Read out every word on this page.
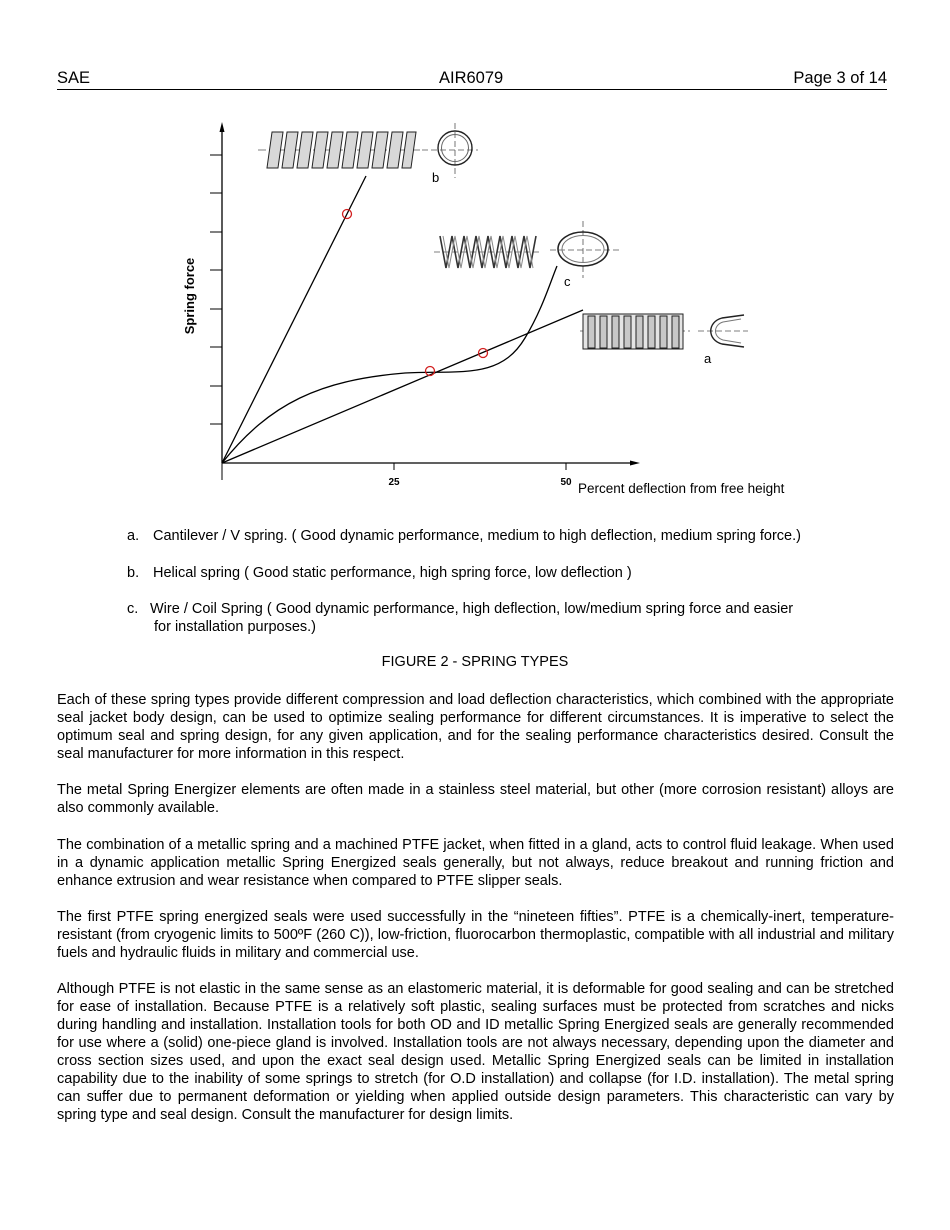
SAE	AIR6079	Page 3 of 14
25	50
Spring force
Percent deflection from free height
b
c
a
a. Cantilever / V spring. ( Good dynamic performance, medium to high deflection, medium spring force.)
b. Helical spring ( Good static performance, high spring force, low deflection )
c. Wire / Coil Spring ( Good dynamic performance, high deflection, low/medium spring force and easier
for installation purposes.)
FIGURE 2 - SPRING TYPES

Each of these spring types provide different compression and load deflection characteristics, which combined with the appropriate seal jacket body design, can be used to optimize sealing performance for different circumstances. It is imperative to select the optimum seal and spring design, for any given application, and for the sealing performance characteristics desired. Consult the seal manufacturer for more information in this respect.

The metal Spring Energizer elements are often made in a stainless steel material, but other (more corrosion resistant) alloys are also commonly available.

The combination of a metallic spring and a machined PTFE jacket, when fitted in a gland, acts to control fluid leakage. When used in a dynamic application metallic Spring Energized seals generally, but not always, reduce breakout and running friction and enhance extrusion and wear resistance when compared to PTFE slipper seals.

The first PTFE spring energized seals were used successfully in the “nineteen fifties”. PTFE is a chemically-inert, temperature-resistant (from cryogenic limits to 500ºF (260 C)), low-friction, fluorocarbon thermoplastic, compatible with all industrial and military fuels and hydraulic fluids in military and commercial use.

Although PTFE is not elastic in the same sense as an elastomeric material, it is deformable for good sealing and can be stretched for ease of installation. Because PTFE is a relatively soft plastic, sealing surfaces must be protected from scratches and nicks during handling and installation. Installation tools for both OD and ID metallic Spring Energized seals are generally recommended for use where a (solid) one-piece gland is involved. Installation tools are not always necessary, depending upon the diameter and cross section sizes used, and upon the exact seal design used. Metallic Spring Energized seals can be limited in installation capability due to the inability of some springs to stretch (for O.D installation) and collapse (for I.D. installation). The metal spring can suffer due to permanent deformation or yielding when applied outside design parameters. This characteristic can vary by spring type and seal design. Consult the manufacturer for design limits.
